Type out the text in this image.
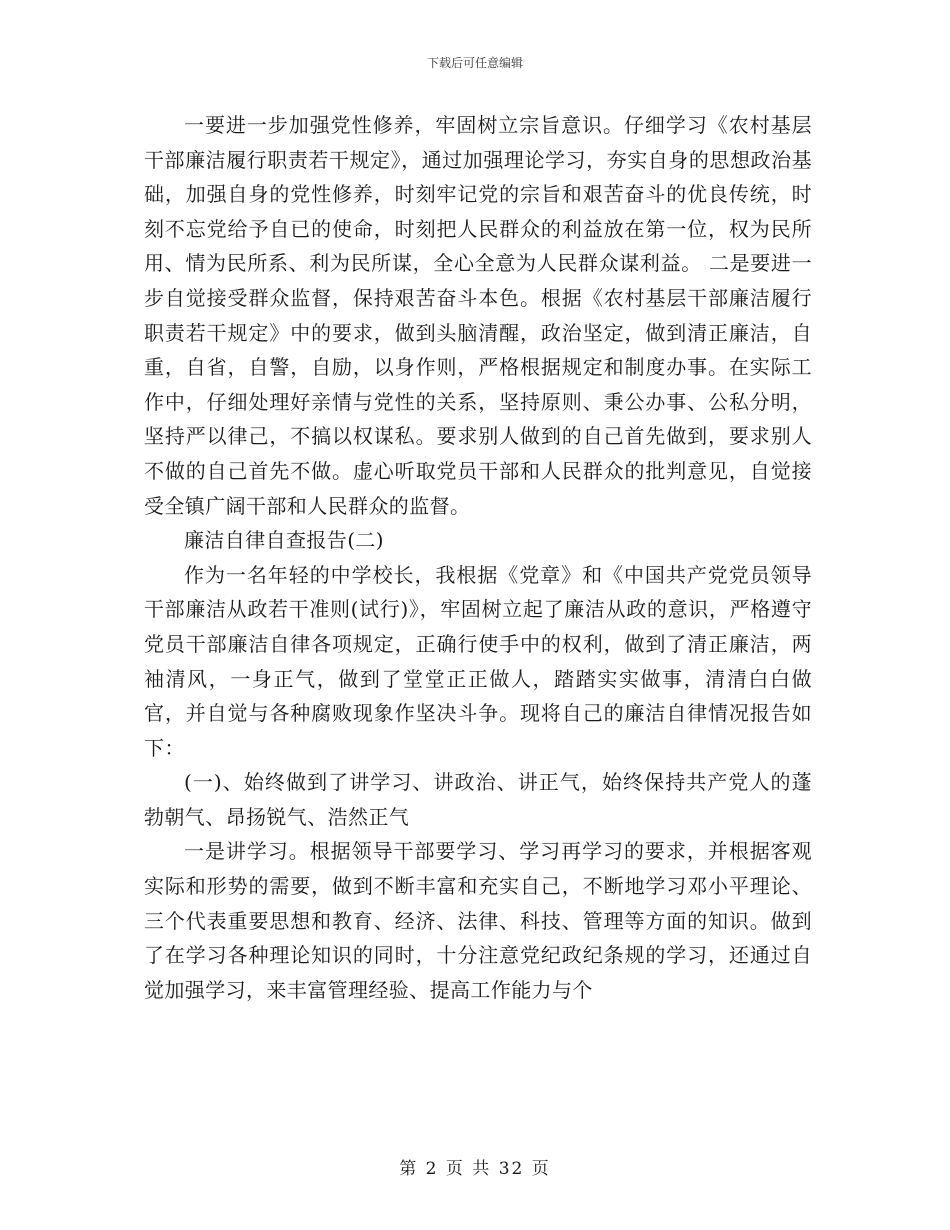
下载后可任意编辑

一要进一步加强党性修养，牢固树立宗旨意识。仔细学习《农村基层干部廉洁履行职责若干规定》，通过加强理论学习，夯实自身的思想政治基础，加强自身的党性修养，时刻牢记党的宗旨和艰苦奋斗的优良传统，时刻不忘党给予自已的使命，时刻把人民群众的利益放在第一位，权为民所用、情为民所系、利为民所谋，全心全意为人民群众谋利益。 二是要进一步自觉接受群众监督，保持艰苦奋斗本色。根据《农村基层干部廉洁履行职责若干规定》中的要求，做到头脑清醒，政治坚定，做到清正廉洁，自重，自省，自警，自励，以身作则，严格根据规定和制度办事。在实际工作中，仔细处理好亲情与党性的关系，坚持原则、秉公办事、公私分明，坚持严以律己，不搞以权谋私。要求别人做到的自己首先做到，要求别人不做的自己首先不做。虚心听取党员干部和人民群众的批判意见，自觉接受全镇广阔干部和人民群众的监督。

廉洁自律自查报告(二)

作为一名年轻的中学校长，我根据《党章》和《中国共产党党员领导干部廉洁从政若干准则(试行)》，牢固树立起了廉洁从政的意识，严格遵守党员干部廉洁自律各项规定，正确行使手中的权利，做到了清正廉洁，两袖清风，一身正气，做到了堂堂正正做人，踏踏实实做事，清清白白做官，并自觉与各种腐败现象作坚决斗争。现将自己的廉洁自律情况报告如下：

(一)、始终做到了讲学习、讲政治、讲正气，始终保持共产党人的蓬勃朝气、昂扬锐气、浩然正气

一是讲学习。根据领导干部要学习、学习再学习的要求，并根据客观实际和形势的需要，做到不断丰富和充实自己，不断地学习邓小平理论、三个代表重要思想和教育、经济、法律、科技、管理等方面的知识。做到了在学习各种理论知识的同时，十分注意党纪政纪条规的学习，还通过自觉加强学习，来丰富管理经验、提高工作能力与个

第 2 页 共 32 页
